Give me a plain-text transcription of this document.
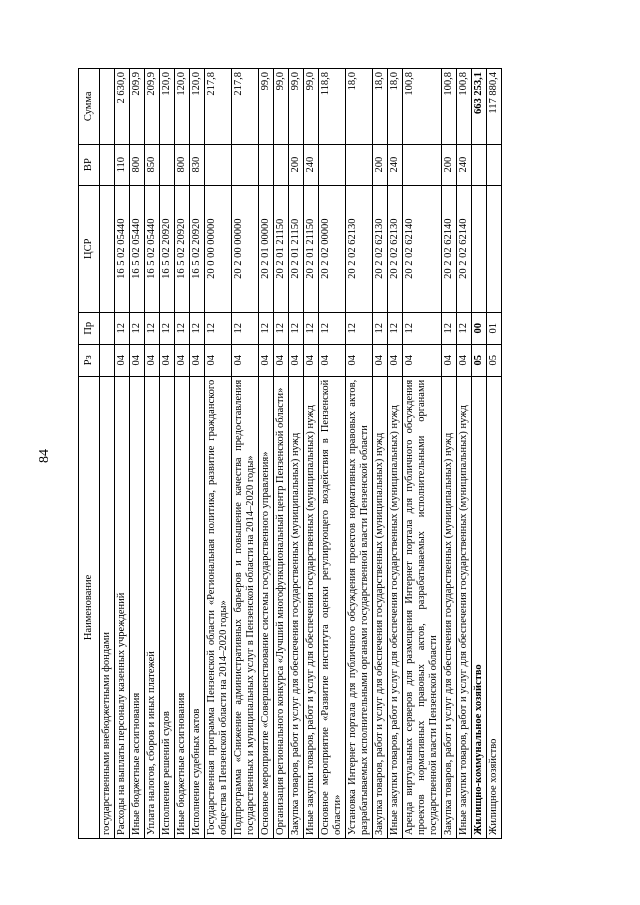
84
Наименование	Рз	Пр	ЦСР	ВР	Сумма
государственными внебюджетными фондами					
Расходы на выплаты персоналу казенных учреждений	04	12	16 5 02 05440	110	2 630,0
Иные бюджетные ассигнования	04	12	16 5 02 05440	800	209,9
Уплата налогов, сборов и иных платежей	04	12	16 5 02 05440	850	209,9
Исполнение решений судов	04	12	16 5 02 20920		120,0
Иные бюджетные ассигнования	04	12	16 5 02 20920	800	120,0
Исполнение судебных актов	04	12	16 5 02 20920	830	120,0
Государственная программа Пензенской области «Региональная политика, развитие гражданского общества в Пензенской области на 2014–2020 годы»	04	12	20 0 00 00000		217,8
Подпрограмма «Снижение административных барьеров и повышение качества предоставления государственных и муниципальных услуг в Пензенской области на 2014–2020 годы»	04	12	20 2 00 00000		217,8
Основное мероприятие «Совершенствование системы государственного управления»	04	12	20 2 01 00000		99,0
Организация регионального конкурса «Лучший многофункциональный центр Пензенской области»	04	12	20 2 01 21150		99,0
Закупка товаров, работ и услуг для обеспечения государственных (муниципальных) нужд	04	12	20 2 01 21150	200	99,0
Иные закупки товаров, работ и услуг для обеспечения государственных (муниципальных) нужд	04	12	20 2 01 21150	240	99,0
Основное мероприятие «Развитие института оценки регулирующего воздействия в Пензенской области»	04	12	20 2 02 00000		118,8
Установка Интернет портала для публичного обсуждения проектов нормативных правовых актов, разрабатываемых исполнительными органами государственной власти Пензенской области	04	12	20 2 02 62130		18,0
Закупка товаров, работ и услуг для обеспечения государственных (муниципальных) нужд	04	12	20 2 02 62130	200	18,0
Иные закупки товаров, работ и услуг для обеспечения государственных (муниципальных) нужд	04	12	20 2 02 62130	240	18,0
Аренда виртуальных серверов для размещения Интернет портала для публичного обсуждения проектов нормативных правовых актов, разрабатываемых исполнительными органами государственной власти Пензенской области	04	12	20 2 02 62140		100,8
Закупка товаров, работ и услуг для обеспечения государственных (муниципальных) нужд	04	12	20 2 02 62140	200	100,8
Иные закупки товаров, работ и услуг для обеспечения государственных (муниципальных) нужд	04	12	20 2 02 62140	240	100,8
Жилищно-коммунальное хозяйство	05	00			663 253,1
Жилищное хозяйство	05	01			117 880,4
